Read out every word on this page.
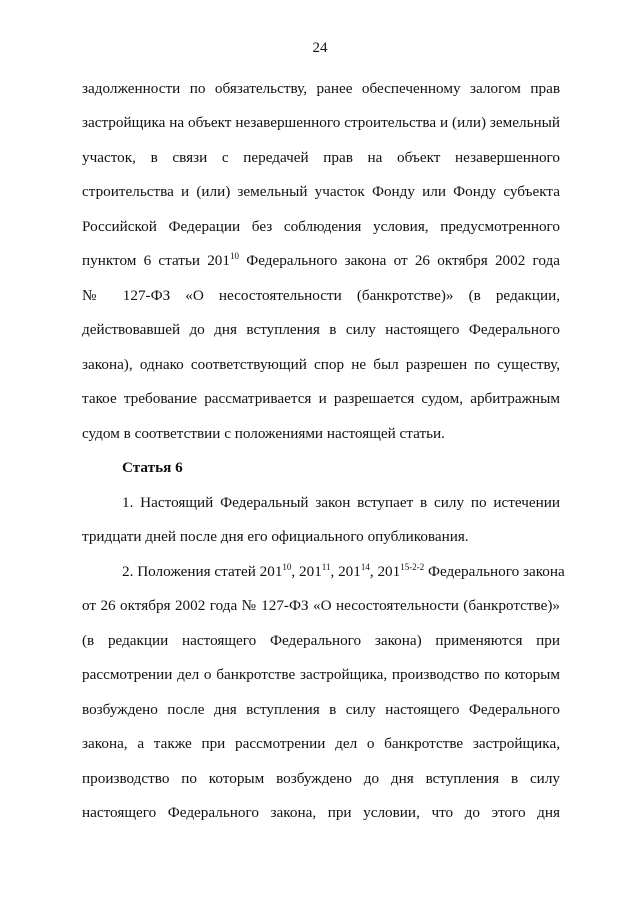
24
задолженности по обязательству, ранее обеспеченному залогом прав
застройщика на объект незавершенного строительства и (или) земельный
участок, в связи с передачей прав на объект незавершенного
строительства и (или) земельный участок Фонду или Фонду субъекта
Российской Федерации без соблюдения условия, предусмотренного
пунктом 6 статьи $201^{10}$ Федерального закона от 26 октября 2002 года
№ 127-ФЗ «О несостоятельности (банкротстве)» (в редакции,
действовавшей до дня вступления в силу настоящего Федерального
закона), однако соответствующий спор не был разрешен по существу,
такое требование рассматривается и разрешается судом, арбитражным
судом в соответствии с положениями настоящей статьи.
Статья 6
1. Настоящий Федеральный закон вступает в силу по истечении
тридцати дней после дня его официального опубликования.
2. Положения статей $201^{10}$, $201^{11}$, $201^{14}$, 201$^{15-2-2}$ Федерального закона
от 26 октября 2002 года № 127-ФЗ «О несостоятельности (банкротстве)»
(в редакции настоящего Федерального закона) применяются при
рассмотрении дел о банкротстве застройщика, производство по которым
возбуждено после дня вступления в силу настоящего Федерального
закона, а также при рассмотрении дел о банкротстве застройщика,
производство по которым возбуждено до дня вступления в силу
настоящего Федерального закона, при условии, что до этого дня
